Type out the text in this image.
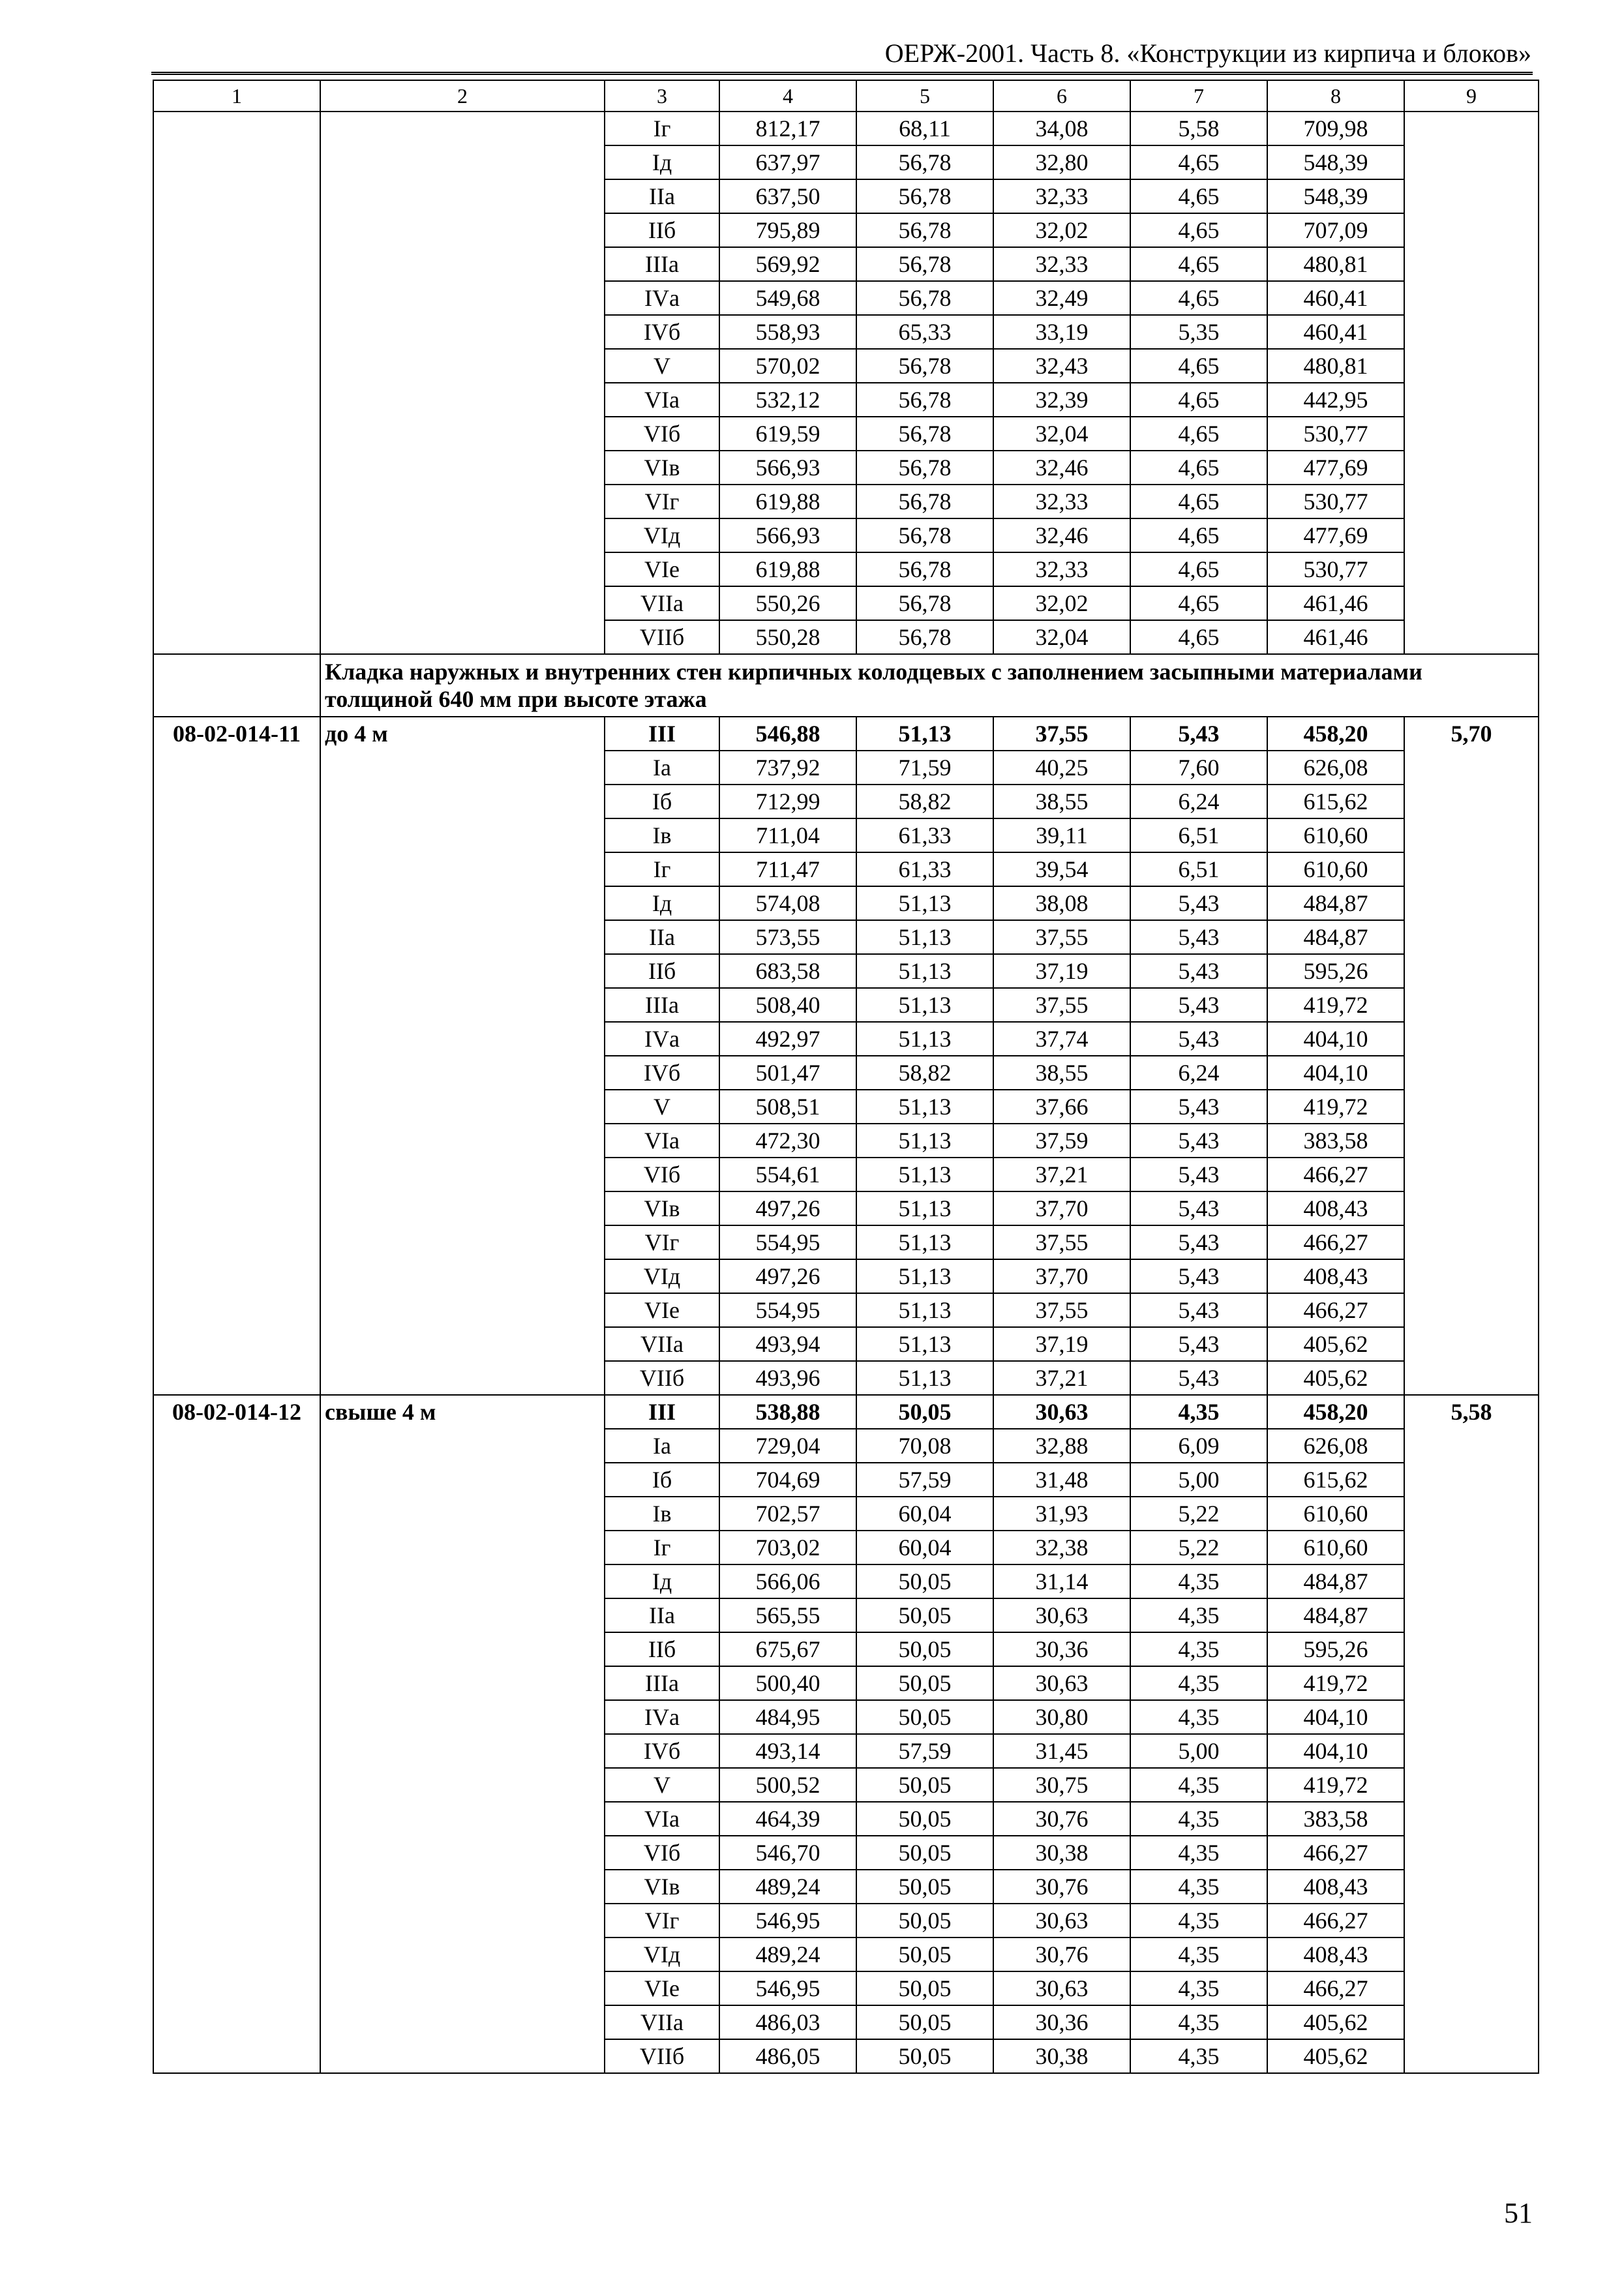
ОЕРЖ-2001. Часть 8. «Конструкции из кирпича и блоков»
1	2	3	4	5	6	7	8	9
		Iг	812,17	68,11	34,08	5,58	709,98	
		Iд	637,97	56,78	32,80	4,65	548,39	
		IIа	637,50	56,78	32,33	4,65	548,39	
		IIб	795,89	56,78	32,02	4,65	707,09	
		IIIа	569,92	56,78	32,33	4,65	480,81	
		IVа	549,68	56,78	32,49	4,65	460,41	
		IVб	558,93	65,33	33,19	5,35	460,41	
		V	570,02	56,78	32,43	4,65	480,81	
		VIа	532,12	56,78	32,39	4,65	442,95	
		VIб	619,59	56,78	32,04	4,65	530,77	
		VIв	566,93	56,78	32,46	4,65	477,69	
		VIг	619,88	56,78	32,33	4,65	530,77	
		VIд	566,93	56,78	32,46	4,65	477,69	
		VIе	619,88	56,78	32,33	4,65	530,77	
		VIIа	550,26	56,78	32,02	4,65	461,46	
		VIIб	550,28	56,78	32,04	4,65	461,46	
	Кладка наружных и внутренних стен кирпичных колодцевых с заполнением засыпными материалами толщиной 640 мм при высоте этажа							
08-02-014-11	до 4 м	III	546,88	51,13	37,55	5,43	458,20	5,70
		Iа	737,92	71,59	40,25	7,60	626,08	
		Iб	712,99	58,82	38,55	6,24	615,62	
		Iв	711,04	61,33	39,11	6,51	610,60	
		Iг	711,47	61,33	39,54	6,51	610,60	
		Iд	574,08	51,13	38,08	5,43	484,87	
		IIа	573,55	51,13	37,55	5,43	484,87	
		IIб	683,58	51,13	37,19	5,43	595,26	
		IIIа	508,40	51,13	37,55	5,43	419,72	
		IVа	492,97	51,13	37,74	5,43	404,10	
		IVб	501,47	58,82	38,55	6,24	404,10	
		V	508,51	51,13	37,66	5,43	419,72	
		VIа	472,30	51,13	37,59	5,43	383,58	
		VIб	554,61	51,13	37,21	5,43	466,27	
		VIв	497,26	51,13	37,70	5,43	408,43	
		VIг	554,95	51,13	37,55	5,43	466,27	
		VIд	497,26	51,13	37,70	5,43	408,43	
		VIе	554,95	51,13	37,55	5,43	466,27	
		VIIа	493,94	51,13	37,19	5,43	405,62	
		VIIб	493,96	51,13	37,21	5,43	405,62	
08-02-014-12	свыше 4 м	III	538,88	50,05	30,63	4,35	458,20	5,58
		Iа	729,04	70,08	32,88	6,09	626,08	
		Iб	704,69	57,59	31,48	5,00	615,62	
		Iв	702,57	60,04	31,93	5,22	610,60	
		Iг	703,02	60,04	32,38	5,22	610,60	
		Iд	566,06	50,05	31,14	4,35	484,87	
		IIа	565,55	50,05	30,63	4,35	484,87	
		IIб	675,67	50,05	30,36	4,35	595,26	
		IIIа	500,40	50,05	30,63	4,35	419,72	
		IVа	484,95	50,05	30,80	4,35	404,10	
		IVб	493,14	57,59	31,45	5,00	404,10	
		V	500,52	50,05	30,75	4,35	419,72	
		VIа	464,39	50,05	30,76	4,35	383,58	
		VIб	546,70	50,05	30,38	4,35	466,27	
		VIв	489,24	50,05	30,76	4,35	408,43	
		VIг	546,95	50,05	30,63	4,35	466,27	
		VIд	489,24	50,05	30,76	4,35	408,43	
		VIе	546,95	50,05	30,63	4,35	466,27	
		VIIа	486,03	50,05	30,36	4,35	405,62	
		VIIб	486,05	50,05	30,38	4,35	405,62	
51
